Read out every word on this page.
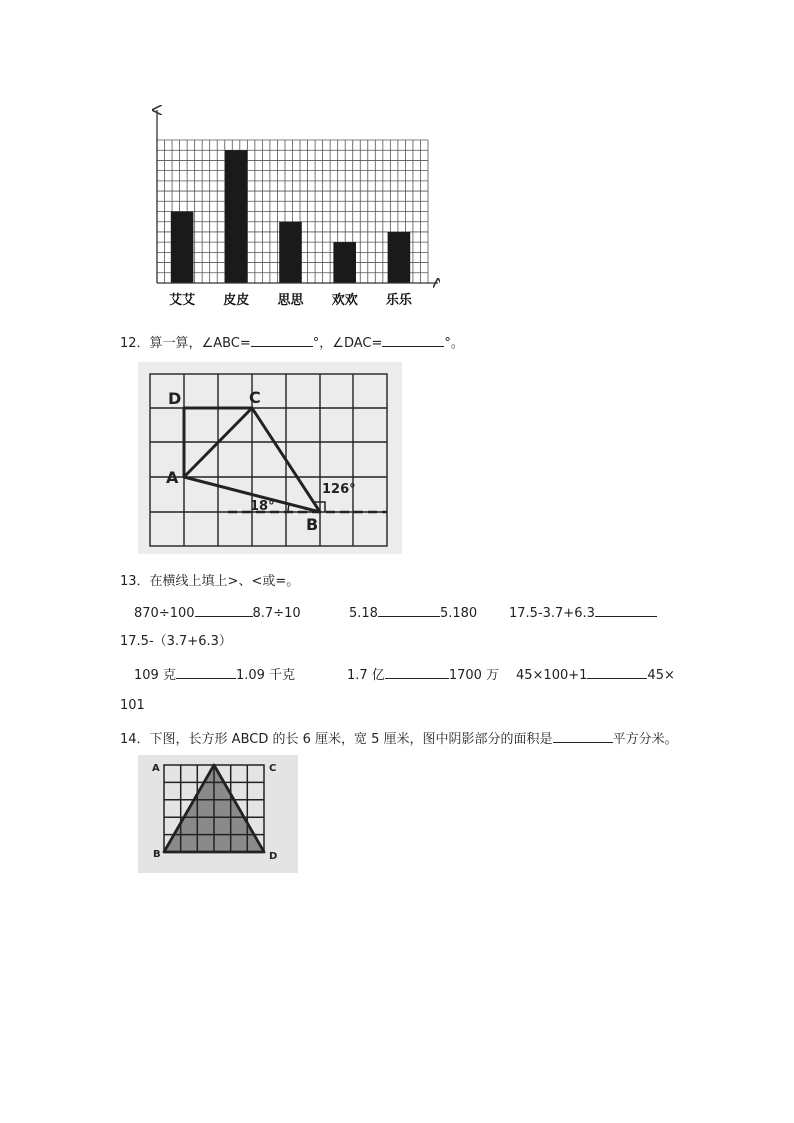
艾艾 皮皮 思思 欢欢 乐乐
12．算一算，∠ABC=	°，∠DAC=	°。
D	C
A
B
18°
126°
13．在横线上填上>、<或=。
870÷100	8.7÷10	5.18	5.180 17.5-3.7+6.3
17.5-（3.7+6.3）
109 克	1.09 千克	1.7 亿	1700 万 45×100+1	45×
101
14．下图，长方形 ABCD 的长 6 厘米，宽 5 厘米，图中阴影部分的面积是	平方分米。
A	C
B	D
